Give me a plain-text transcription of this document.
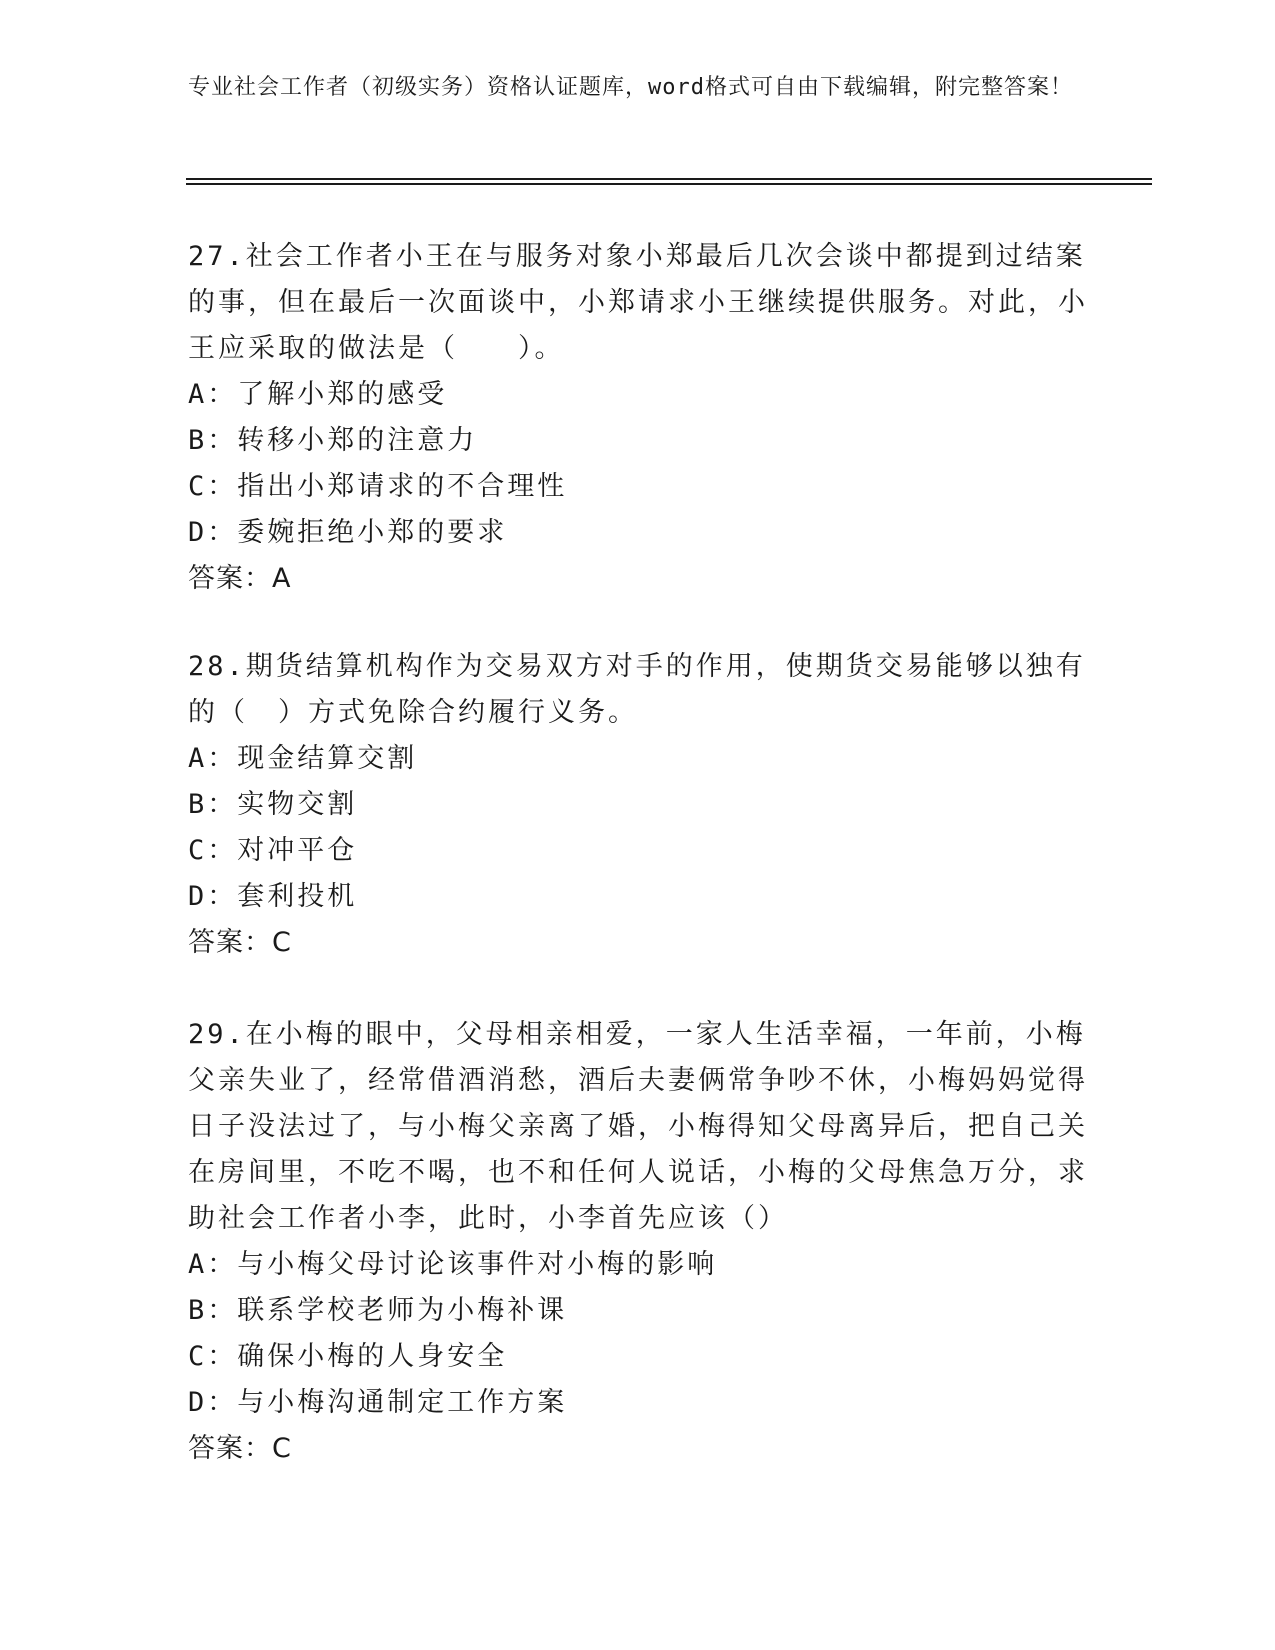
专业社会工作者（初级实务）资格认证题库，word格式可自由下载编辑，附完整答案！

27.社会工作者小王在与服务对象小郑最后几次会谈中都提到过结案的事，但在最后一次面谈中，小郑请求小王继续提供服务。对此，小王应采取的做法是（　　）。

A：了解小郑的感受

B：转移小郑的注意力

C：指出小郑请求的不合理性

D：委婉拒绝小郑的要求

答案：A

28.期货结算机构作为交易双方对手的作用，使期货交易能够以独有的（　）方式免除合约履行义务。

A：现金结算交割

B：实物交割

C：对冲平仓

D：套利投机

答案：C

29.在小梅的眼中，父母相亲相爱，一家人生活幸福，一年前，小梅父亲失业了，经常借酒消愁，酒后夫妻俩常争吵不休，小梅妈妈觉得日子没法过了，与小梅父亲离了婚，小梅得知父母离异后，把自己关在房间里，不吃不喝，也不和任何人说话，小梅的父母焦急万分，求助社会工作者小李，此时，小李首先应该（）

A：与小梅父母讨论该事件对小梅的影响

B：联系学校老师为小梅补课

C：确保小梅的人身安全

D：与小梅沟通制定工作方案

答案：C
